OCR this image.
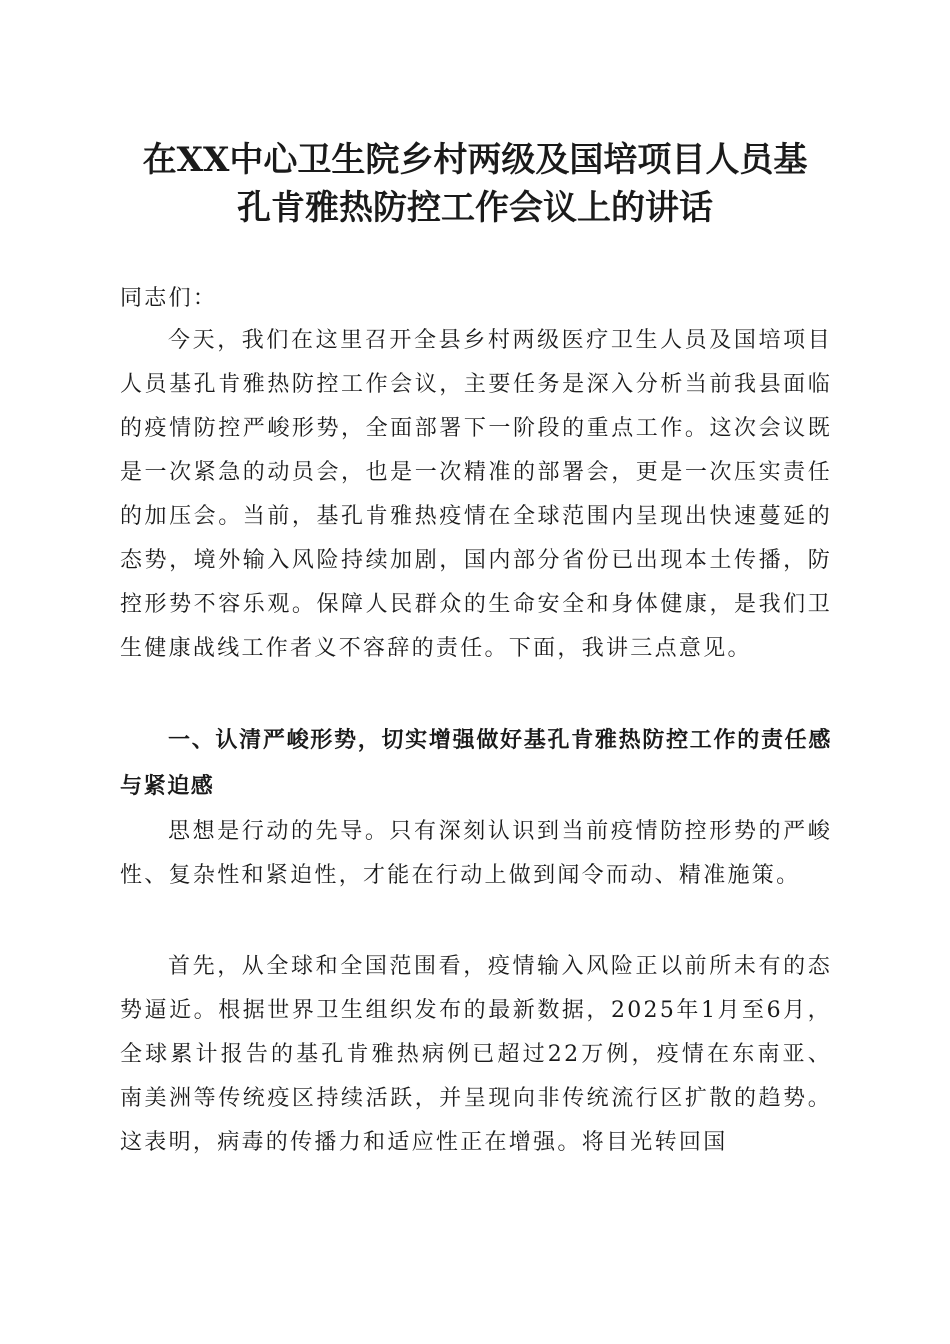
在XX中心卫生院乡村两级及国培项目人员基
孔肯雅热防控工作会议上的讲话

同志们：

今天，我们在这里召开全县乡村两级医疗卫生人员及国培项目人员基孔肯雅热防控工作会议，主要任务是深入分析当前我县面临的疫情防控严峻形势，全面部署下一阶段的重点工作。这次会议既是一次紧急的动员会，也是一次精准的部署会，更是一次压实责任的加压会。当前，基孔肯雅热疫情在全球范围内呈现出快速蔓延的态势，境外输入风险持续加剧，国内部分省份已出现本土传播，防控形势不容乐观。保障人民群众的生命安全和身体健康，是我们卫生健康战线工作者义不容辞的责任。下面，我讲三点意见。

一、认清严峻形势，切实增强做好基孔肯雅热防控工作的责任感与紧迫感

思想是行动的先导。只有深刻认识到当前疫情防控形势的严峻性、复杂性和紧迫性，才能在行动上做到闻令而动、精准施策。

首先，从全球和全国范围看，疫情输入风险正以前所未有的态势逼近。根据世界卫生组织发布的最新数据，2025年1月至6月，全球累计报告的基孔肯雅热病例已超过22万例，疫情在东南亚、南美洲等传统疫区持续活跃，并呈现向非传统流行区扩散的趋势。这表明，病毒的传播力和适应性正在增强。将目光转回国
